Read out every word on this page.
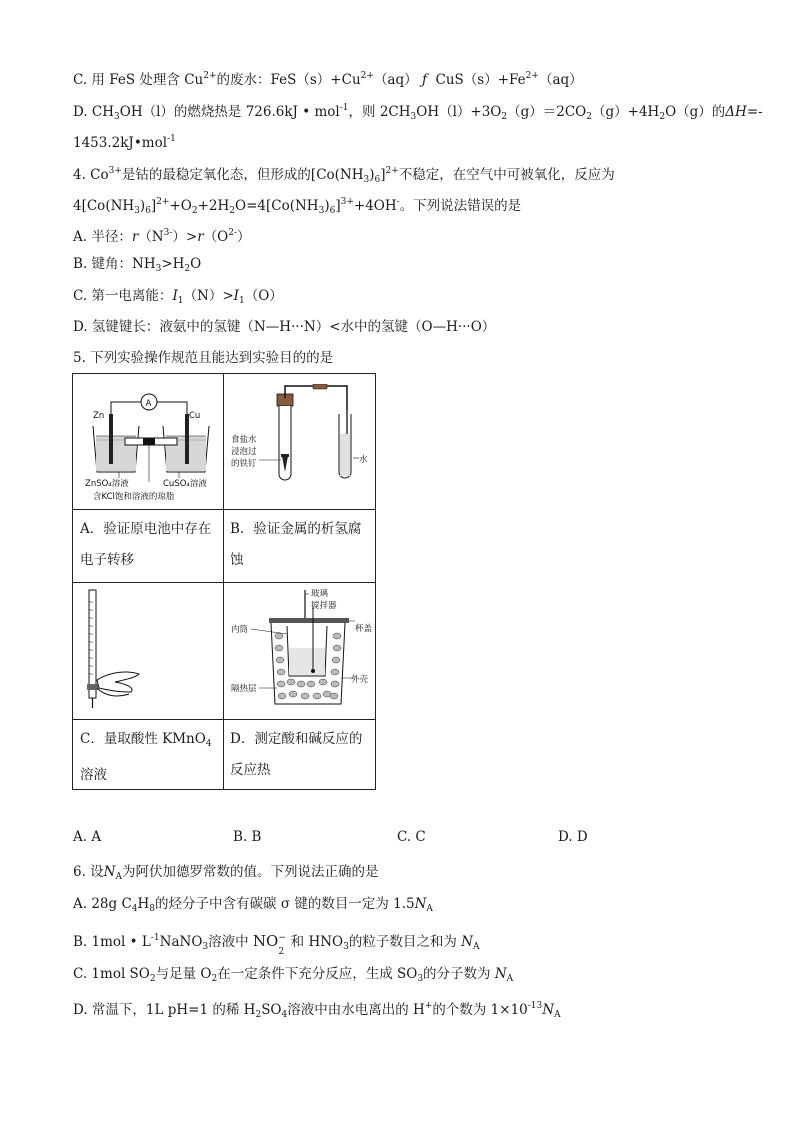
C. 用 FeS 处理含 $Cu^{2+}$的废水：$FeS(s)+Cu^{2+}(aq)$ ƒ $CuS(s)+Fe^{2+}(aq)$
D. $CH_3OH(l)$的燃烧热是 726.6kJ • mol$^{-1}$，则 $2CH_3OH(l)+3O_2(g)=2CO_2(g)+4H_2O(g)$的ΔH=-
1453.2kJ•mol$^{-1}$
4. $Co^{3+}$是钴的最稳定氧化态，但形成的$[Co(NH_3)_6]^{2+}$不稳定，在空气中可被氧化，反应为
$4[Co(NH_3)_6]^{2+}+O_2+2H_2O=4[Co(NH_3)_6]^{3+}+4OH^-$。下列说法错误的是
A. 半径：$r(N^{3-})>r(O^{2-})$
B. 键角：$NH_3>H_2O$
C. 第一电离能：$I_1(N)>I_1(O)$
D. 氢键键长：液氨中的氢键（N—H···N）<水中的氢键（O—H···O）
5. 下列实验操作规范且能达到实验目的的是
A
Zn	Cu
ZnSO₄溶液	CuSO₄溶液
含KCl饱和溶液的琼脂
水
食盐水
浸泡过
的铁钉
玻璃
搅拌器
杯盖
内筒
隔热层
外壳
A．验证原电池中存在电子转移
B．验证金属的析氢腐蚀
C．量取酸性 KMnO$_4$
溶液
D．测定酸和碱反应的反应热
A. A	B. B	C. C	D. D
6. 设$N_A$为阿伏加德罗常数的值。下列说法正确的是
A. 28g $C_4H_8$的烃分子中含有碳碳 σ 键的数目一定为 $1.5N_A$
B. 1mol • $L^{-1}NaNO_3$溶液中 NO −
2
和 $HNO_3$的粒子数目之和为 $N_A$
C. 1mol $SO_2$与足量 $O_2$在一定条件下充分反应，生成 $SO_3$的分子数为 $N_A$
D. 常温下，1L pH=1 的稀 $H_2SO_4$溶液中由水电离出的 H+的个数为 $1\times 10^{-13}N_A$
